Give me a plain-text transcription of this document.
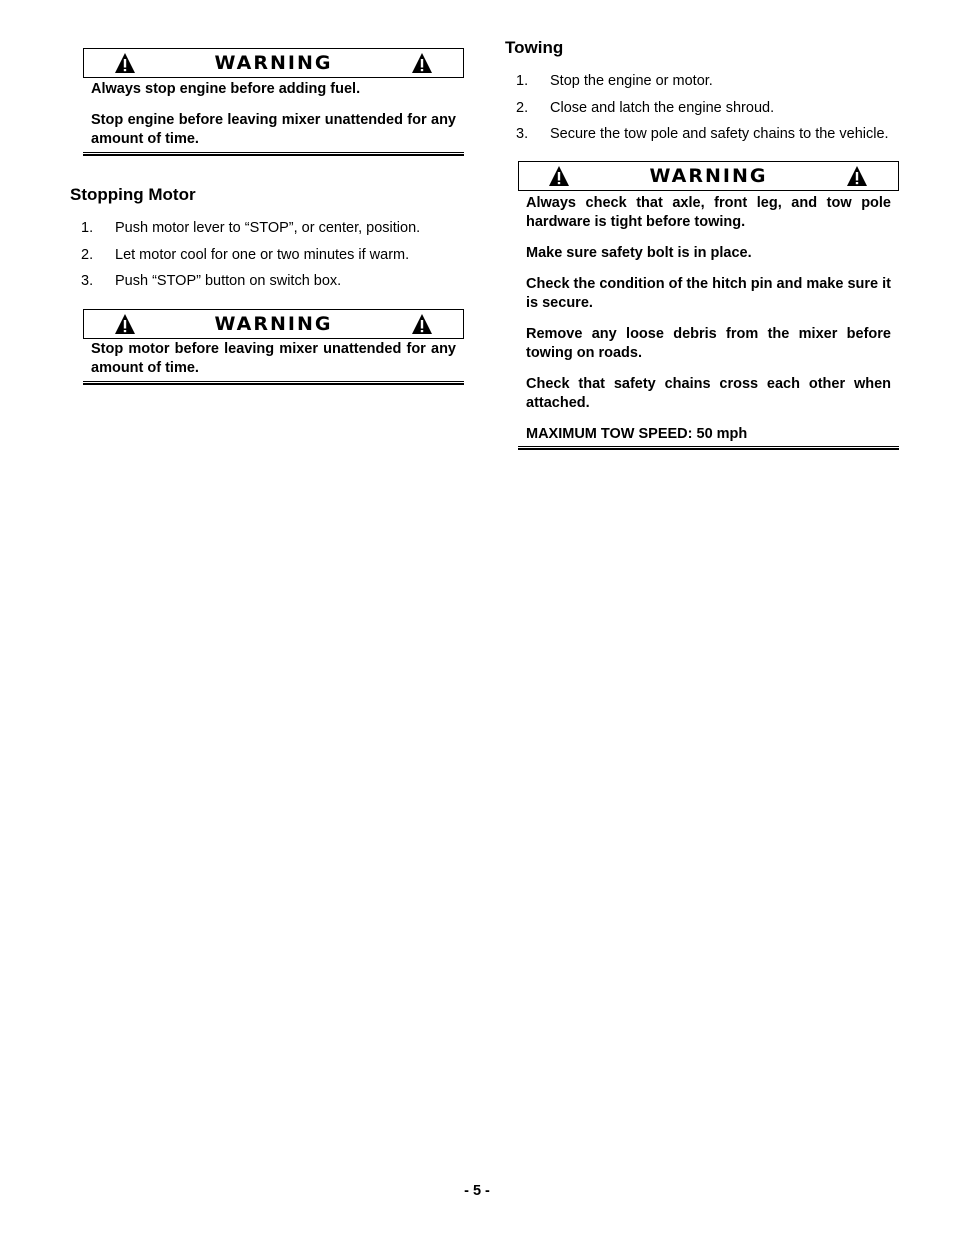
WARNING

Always stop engine before adding fuel.

Stop engine before leaving mixer unattended for any amount of time.

Stopping Motor
1. Push motor lever to “STOP”, or center, position.
2. Let motor cool for one or two minutes if warm.
3. Push “STOP” button on switch box.
WARNING

Stop motor before leaving mixer unattended for any amount of time.

Towing
1. Stop the engine or motor.
2. Close and latch the engine shroud.
3. Secure the tow pole and safety chains to the vehicle.
WARNING

Always check that axle, front leg, and tow pole hardware is tight before towing.

Make sure safety bolt is in place.

Check the condition of the hitch pin and make sure it is secure.

Remove any loose debris from the mixer before towing on roads.

Check that safety chains cross each other when attached.

MAXIMUM TOW SPEED: 50 mph

- 5 -
